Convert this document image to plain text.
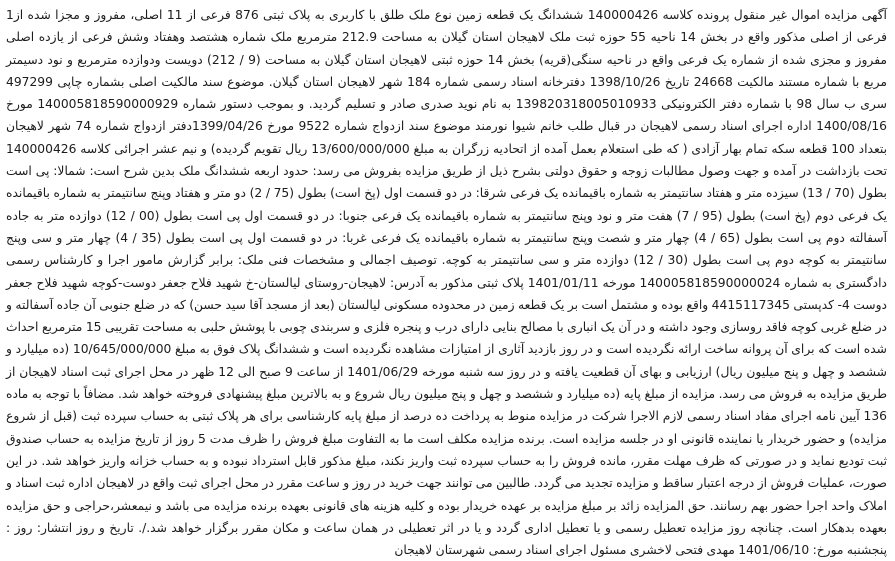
آگهی مزایده اموال غیر منقول پرونده کلاسه 140000426 ششدانگ یک قطعه زمین نوع ملک طلق با کاربری به پلاک ثبتی 876 فرعی از 11 اصلی، مفروز و مجزا شده از1 فرعی از اصلی مذکور واقع در بخش 14 ناحیه 55 حوزه ثبت ملک لاهیجان استان گیلان به مساحت 212.9 مترمربع ملک شماره هشتصد وهفتاد وشش فرعی از یازده اصلی مفروز و مجزی شده از شماره یک فرعی واقع در ناحیه سنگی(قریه) بخش 14 حوزه ثبتی لاهیجان استان گیلان به مساحت (9 / 212) دویست ودوازده مترمربع و نود دسیمتر مربع با شماره مستند مالکیت 24668 تاریخ 1398/10/26 دفترخانه اسناد رسمی شماره 184 شهر لاهیجان استان گیلان. موضوع سند مالکیت اصلی بشماره چاپی 497299 سری ب سال 98 با شماره دفتر الکترونیکی 139820318005010933 به نام نوید صدری صادر و تسلیم گردید. و بموجب دستور شماره 140005818590000929 مورخ 1400/08/16 اداره اجرای اسناد رسمی لاهیجان در قبال طلب خانم شیوا نورمند موضوع سند ازدواج شماره 9522 مورخ 1399/04/26دفتر ازدواج شماره 74 شهر لاهیجان بتعداد 100 قطعه سکه تمام بهار آزادی ( که طی استعلام بعمل آمده از اتحادیه زرگران به مبلغ 13/600/000/000 ریال تقویم گردیده) و نیم عشر اجرائی کلاسه 140000426 تحت بازداشت در آمده و جهت وصول مطالبات زوجه و حقوق دولتی بشرح ذیل از طریق مزایده بفروش می رسد: حدود اربعه ششدانگ ملک بدین شرح است: شمالا: پی است بطول (70 / 13) سیزده متر و هفتاد سانتیمتر به شماره باقیمانده یک فرعی شرقا: در دو قسمت اول (پخ است) بطول (75 / 2) دو متر و هفتاد وپنج سانتیمتر به شماره باقیمانده یک فرعی دوم (پخ است) بطول (95 / 7) هفت متر و نود وپنج سانتیمتر به شماره باقیمانده یک فرعی جنوبا: در دو قسمت اول پی است بطول (00 / 12) دوازده متر به جاده آسفالته دوم پی است بطول (65 / 4) چهار متر و شصت وپنج سانتیمتر به شماره باقیمانده یک فرعی غربا: در دو قسمت اول پی است بطول (35 / 4) چهار متر و سی وپنج سانتیمتر به کوچه دوم پی است بطول (30 / 12) دوازده متر و سی سانتیمتر به کوچه. توصیف اجمالی و مشخصات فنی ملک: برابر گزارش مامور اجرا و کارشناس رسمی دادگستری به شماره 140005818590000024 مورخه 1401/01/11 پلاک ثبتی مذکور به آدرس: لاهیجان-روستای لیالستان-خ شهید فلاح جعفر دوست-کوچه شهید فلاح جعفر دوست 4- کدپستی 4415117345 واقع بوده و مشتمل است بر یک قطعه زمین در محدوده مسکونی لیالستان (بعد از مسجد آقا سید حسن) که در ضلع جنوبی آن جاده آسفالته و در ضلع غربی کوچه فاقد روسازی وجود داشته و در آن یک انباری با مصالح بنایی دارای درب و پنجره فلزی و سربندی چوبی با پوشش حلبی به مساحت تقریبی 15 مترمربع احداث شده است که برای آن پروانه ساخت ارائه نگردیده است و در روز بازدید آثاری از امتیازات مشاهده نگردیده است و ششدانگ پلاک فوق به مبلغ 10/645/000/000 (ده میلیارد و ششصد و چهل و پنج میلیون ریال) ارزیابی و بهای آن قطعیت یافته و در روز سه شنبه مورخه 1401/06/29 از ساعت 9 صبح الی 12 ظهر در محل اجرای ثبت اسناد لاهیجان از طریق مزایده به فروش می رسد. مزایده از مبلغ پایه (ده میلیارد و ششصد و چهل و پنج میلیون ریال شروع و به بالاترین مبلغ پیشنهادی فروخته خواهد شد. مضافاً با توجه به ماده 136 آیین نامه اجرای مفاد اسناد رسمی لازم الاجرا شرکت در مزایده منوط به پرداخت ده درصد از مبلغ پایه کارشناسی برای هر پلاک ثبتی به حساب سپرده ثبت (قبل از شروع مزایده) و حضور خریدار یا نماینده قانونی او در جلسه مزایده است. برنده مزایده مکلف است ما به التفاوت مبلغ فروش را ظرف مدت 5 روز از تاریخ مزایده به حساب صندوق ثبت تودیع نماید و در صورتی که ظرف مهلت مقرر، مانده فروش را به حساب سپرده ثبت واریز نکند، مبلغ مذکور قابل استرداد نبوده و به حساب خزانه واریز خواهد شد. در این صورت، عملیات فروش از درجه اعتبار ساقط و مزایده تجدید می گردد. طالبین می توانند جهت خرید در روز و ساعت مقرر در محل اجرای ثبت واقع در لاهیجان اداره ثبت اسناد و املاک واحد اجرا حضور بهم رسانند. حق المزایده زائد بر مبلغ مزایده بر عهده خریدار بوده و کلیه هزینه های قانونی بعهده برنده مزایده می باشد و نیمعشر،حراجی و حق مزایده بعهده بدهکار است. چنانچه روز مزایده تعطیل رسمی و یا تعطیل اداری گردد و یا در اثر تعطیلی در همان ساعت و مکان مقرر برگزار خواهد شد./. تاریخ و روز انتشار: روز : پنجشنبه مورخ: 1401/06/10 مهدی فتحی لاخشری مسئول اجرای اسناد رسمی شهرستان لاهیجان
